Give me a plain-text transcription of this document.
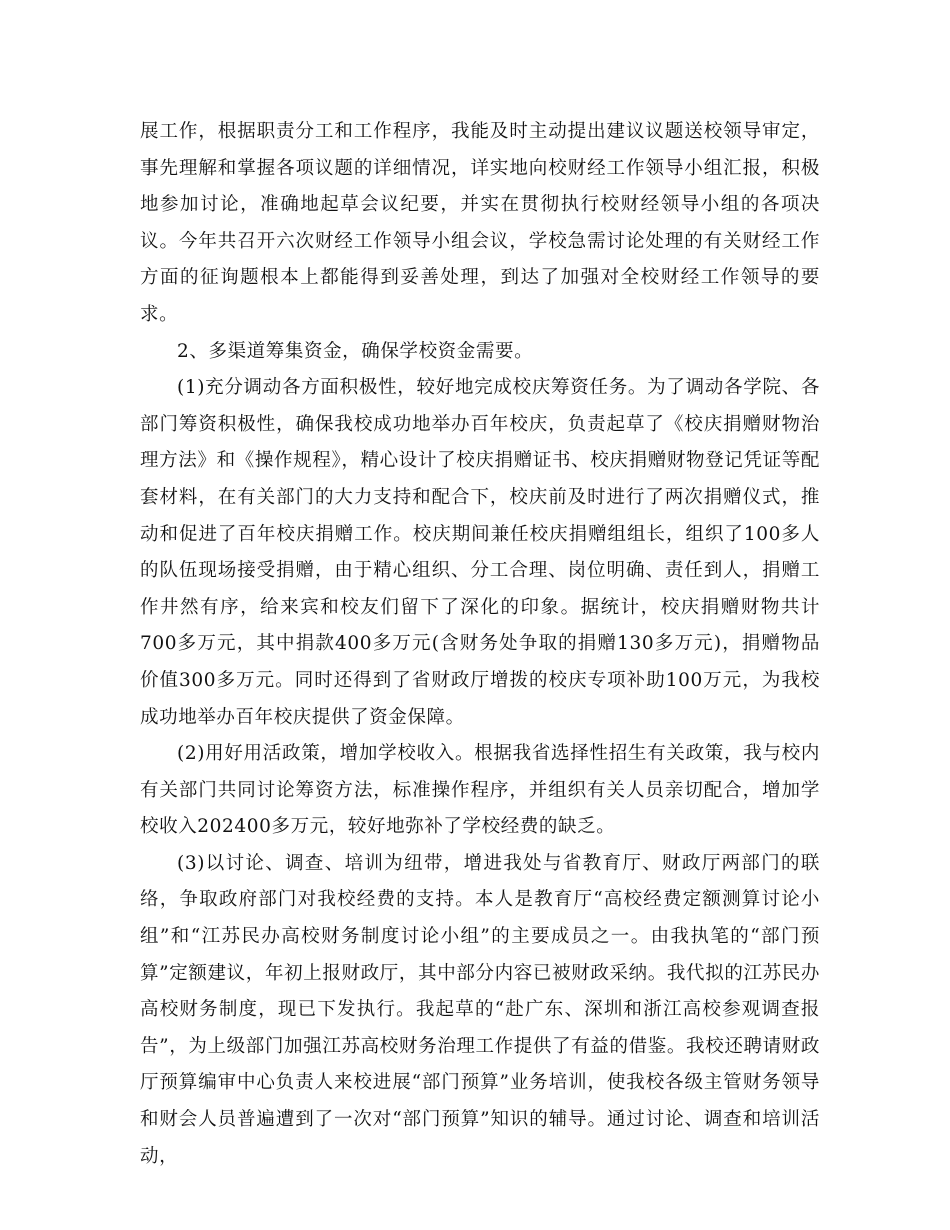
展工作，根据职责分工和工作程序，我能及时主动提出建议议题送校领导审定，事先理解和掌握各项议题的详细情况，详实地向校财经工作领导小组汇报，积极地参加讨论，准确地起草会议纪要，并实在贯彻执行校财经领导小组的各项决议。今年共召开六次财经工作领导小组会议，学校急需讨论处理的有关财经工作方面的征询题根本上都能得到妥善处理，到达了加强对全校财经工作领导的要求。

2、多渠道筹集资金，确保学校资金需要。

(1)充分调动各方面积极性，较好地完成校庆筹资任务。为了调动各学院、各部门筹资积极性，确保我校成功地举办百年校庆，负责起草了《校庆捐赠财物治理方法》和《操作规程》，精心设计了校庆捐赠证书、校庆捐赠财物登记凭证等配套材料，在有关部门的大力支持和配合下，校庆前及时进行了两次捐赠仪式，推动和促进了百年校庆捐赠工作。校庆期间兼任校庆捐赠组组长，组织了100多人的队伍现场接受捐赠，由于精心组织、分工合理、岗位明确、责任到人，捐赠工作井然有序，给来宾和校友们留下了深化的印象。据统计，校庆捐赠财物共计700多万元，其中捐款400多万元(含财务处争取的捐赠130多万元)，捐赠物品价值300多万元。同时还得到了省财政厅增拨的校庆专项补助100万元，为我校成功地举办百年校庆提供了资金保障。

(2)用好用活政策，增加学校收入。根据我省选择性招生有关政策，我与校内有关部门共同讨论筹资方法，标准操作程序，并组织有关人员亲切配合，增加学校收入202400多万元，较好地弥补了学校经费的缺乏。

(3)以讨论、调查、培训为纽带，增进我处与省教育厅、财政厅两部门的联络，争取政府部门对我校经费的支持。本人是教育厅“高校经费定额测算讨论小组”和“江苏民办高校财务制度讨论小组”的主要成员之一。由我执笔的“部门预算”定额建议，年初上报财政厅，其中部分内容已被财政采纳。我代拟的江苏民办高校财务制度，现已下发执行。我起草的“赴广东、深圳和浙江高校参观调查报告”，为上级部门加强江苏高校财务治理工作提供了有益的借鉴。我校还聘请财政厅预算编审中心负责人来校进展“部门预算”业务培训，使我校各级主管财务领导和财会人员普遍遭到了一次对“部门预算”知识的辅导。通过讨论、调查和培训活动，
